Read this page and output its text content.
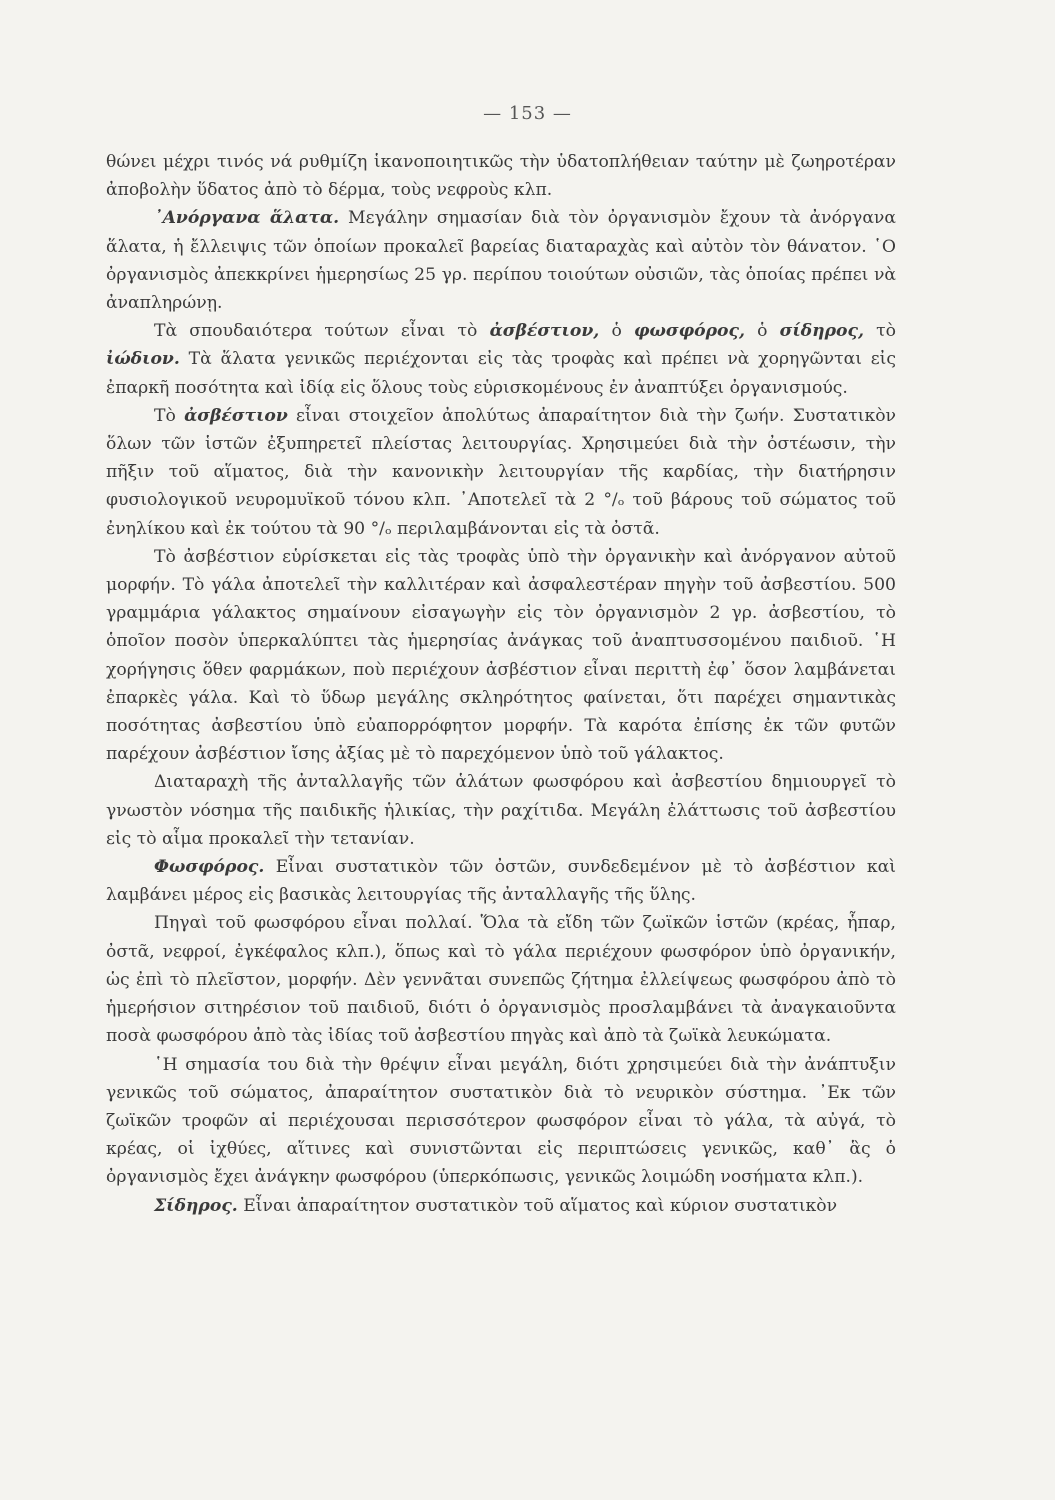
— 153 —

θώνει μέχρι τινός νά ρυθμίζη ἱκανοποιητικῶς τὴν ὑδατοπλήθειαν ταύτην μὲ ζωηροτέραν ἀποβολὴν ὕδατος ἀπὸ τὸ δέρμα, τοὺς νεφροὺς κλπ.

᾿Ανόργανα ἅλατα. Μεγάλην σημασίαν διὰ τὸν ὀργανισμὸν ἔχουν τὰ ἀνόργανα ἅλατα, ἡ ἔλλειψις τῶν ὁποίων προκαλεῖ βαρείας διαταραχὰς καὶ αὐτὸν τὸν θάνατον. ῾Ο ὀργανισμὸς ἀπεκκρίνει ἡμερησίως 25 γρ. περίπου τοιούτων οὐσιῶν, τὰς ὁποίας πρέπει νὰ ἀναπληρώνῃ.

Τὰ σπουδαιότερα τούτων εἶναι τὸ ἀσβέστιον, ὁ φωσφόρος, ὁ σίδηρος, τὸ ἰώδιον. Τὰ ἅλατα γενικῶς περιέχονται εἰς τὰς τροφὰς καὶ πρέπει νὰ χορηγῶνται εἰς ἐπαρκῆ ποσότητα καὶ ἰδίᾳ εἰς ὅλους τοὺς εὑρισκομένους ἐν ἀναπτύξει ὀργανισμούς.

Τὸ ἀσβέστιον εἶναι στοιχεῖον ἀπολύτως ἀπαραίτητον διὰ τὴν ζωήν. Συστατικὸν ὅλων τῶν ἱστῶν ἐξυπηρετεῖ πλείστας λειτουργίας. Χρησιμεύει διὰ τὴν ὀστέωσιν, τὴν πῆξιν τοῦ αἵματος, διὰ τὴν κανονικὴν λειτουργίαν τῆς καρδίας, τὴν διατήρησιν φυσιολογικοῦ νευρομυϊκοῦ τόνου κλπ. ᾿Αποτελεῖ τὰ 2 °/ₒ τοῦ βάρους τοῦ σώματος τοῦ ἐνηλίκου καὶ ἐκ τούτου τὰ 90 °/ₒ περιλαμβάνονται εἰς τὰ ὀστᾶ.

Τὸ ἀσβέστιον εὑρίσκεται εἰς τὰς τροφὰς ὑπὸ τὴν ὀργανικὴν καὶ ἀνόργανον αὐτοῦ μορφήν. Τὸ γάλα ἀποτελεῖ τὴν καλλιτέραν καὶ ἀσφαλεστέραν πηγὴν τοῦ ἀσβεστίου. 500 γραμμάρια γάλακτος σημαίνουν εἰσαγωγὴν εἰς τὸν ὀργανισμὸν 2 γρ. ἀσβεστίου, τὸ ὁποῖον ποσὸν ὑπερκαλύπτει τὰς ἡμερησίας ἀνάγκας τοῦ ἀναπτυσσομένου παιδιοῦ. ῾Η χορήγησις ὅθεν φαρμάκων, ποὺ περιέχουν ἀσβέστιον εἶναι περιττὴ ἐφ᾿ ὅσον λαμβάνεται ἐπαρκὲς γάλα. Καὶ τὸ ὕδωρ μεγάλης σκληρότητος φαίνεται, ὅτι παρέχει σημαντικὰς ποσότητας ἀσβεστίου ὑπὸ εὐαπορρόφητον μορφήν. Τὰ καρότα ἐπίσης ἐκ τῶν φυτῶν παρέχουν ἀσβέστιον ἴσης ἀξίας μὲ τὸ παρεχόμενον ὑπὸ τοῦ γάλακτος.

Διαταραχὴ τῆς ἀνταλλαγῆς τῶν ἁλάτων φωσφόρου καὶ ἀσβεστίου δημιουργεῖ τὸ γνωστὸν νόσημα τῆς παιδικῆς ἡλικίας, τὴν ραχίτιδα. Μεγάλη ἐλάττωσις τοῦ ἀσβεστίου εἰς τὸ αἷμα προκαλεῖ τὴν τετανίαν.

Φωσφόρος. Εἶναι συστατικὸν τῶν ὀστῶν, συνδεδεμένον μὲ τὸ ἀσβέστιον καὶ λαμβάνει μέρος εἰς βασικὰς λειτουργίας τῆς ἀνταλλαγῆς τῆς ὕλης.

Πηγαὶ τοῦ φωσφόρου εἶναι πολλαί. Ὅλα τὰ εἴδη τῶν ζωϊκῶν ἱστῶν (κρέας, ἧπαρ, ὀστᾶ, νεφροί, ἐγκέφαλος κλπ.), ὅπως καὶ τὸ γάλα περιέχουν φωσφόρον ὑπὸ ὀργανικήν, ὡς ἐπὶ τὸ πλεῖστον, μορφήν. Δὲν γεννᾶται συνεπῶς ζήτημα ἐλλείψεως φωσφόρου ἀπὸ τὸ ἡμερήσιον σιτηρέσιον τοῦ παιδιοῦ, διότι ὁ ὀργανισμὸς προσλαμβάνει τὰ ἀναγκαιοῦντα ποσὰ φωσφόρου ἀπὸ τὰς ἰδίας τοῦ ἀσβεστίου πηγὰς καὶ ἀπὸ τὰ ζωϊκὰ λευκώματα.

῾Η σημασία του διὰ τὴν θρέψιν εἶναι μεγάλη, διότι χρησιμεύει διὰ τὴν ἀνάπτυξιν γενικῶς τοῦ σώματος, ἀπαραίτητον συστατικὸν διὰ τὸ νευρικὸν σύστημα. ᾿Εκ τῶν ζωϊκῶν τροφῶν αἱ περιέχουσαι περισσότερον φωσφόρον εἶναι τὸ γάλα, τὰ αὐγά, τὸ κρέας, οἱ ἰχθύες, αἵτινες καὶ συνιστῶνται εἰς περιπτώσεις γενικῶς, καθ᾿ ἃς ὁ ὀργανισμὸς ἔχει ἀνάγκην φωσφόρου (ὑπερκόπωσις, γενικῶς λοιμώδη νοσήματα κλπ.).

Σίδηρος. Εἶναι ἀπαραίτητον συστατικὸν τοῦ αἵματος καὶ κύριον συστατικὸν
